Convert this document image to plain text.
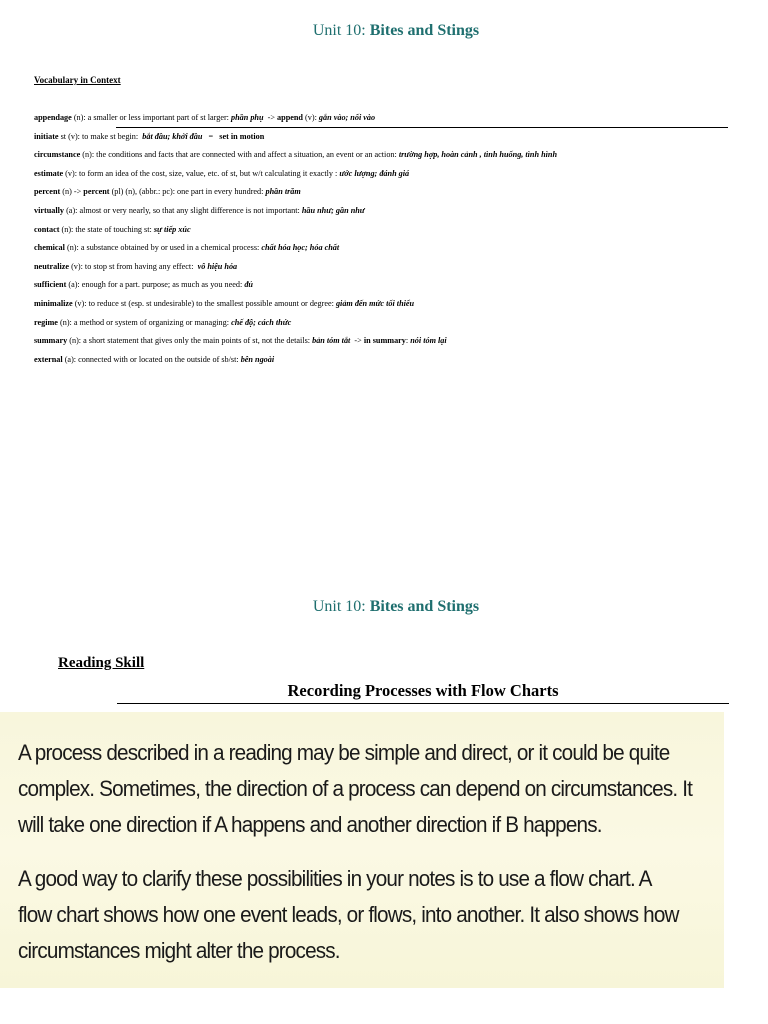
Unit 10: Bites and Stings
Vocabulary in Context
appendage (n): a smaller or less important part of st larger: phần phụ  -> append (v): gắn vào; nối vào
initiate st (v): to make st begin:  bắt đầu; khởi đầu   =   set in motion
circumstance (n): the conditions and facts that are connected with and affect a situation, an event or an action: trường hợp, hoàn cảnh , tình huống, tình hình
estimate (v): to form an idea of the cost, size, value, etc. of st, but w/t calculating it exactly : ước lượng; đánh giá
percent (n) -> percent (pl) (n), (abbr.: pc): one part in every hundred: phần trăm
virtually (a): almost or very nearly, so that any slight difference is not important: hầu như; gần như
contact (n): the state of touching st: sự tiếp xúc
chemical (n): a substance obtained by or used in a chemical process: chất hóa học; hóa chất
neutralize (v): to stop st from having any effect:  vô hiệu hóa
sufficient (a): enough for a part. purpose; as much as you need: đủ
minimalize (v): to reduce st (esp. st undesirable) to the smallest possible amount or degree: giảm đến mức tối thiểu
regime (n): a method or system of organizing or managing: chế độ; cách thức
summary (n): a short statement that gives only the main points of st, not the details: bản tóm tắt  -> in summary: nói tóm lại
external (a): connected with or located on the outside of sb/st: bên ngoài
Unit 10: Bites and Stings
Reading Skill
Recording Processes with Flow Charts

A process described in a reading may be simple and direct, or it could be quite
complex. Sometimes, the direction of a process can depend on circumstances. It
will take one direction if A happens and another direction if B happens.

A good way to clarify these possibilities in your notes is to use a flow chart. A
flow chart shows how one event leads, or flows, into another. It also shows how
circumstances might alter the process.
